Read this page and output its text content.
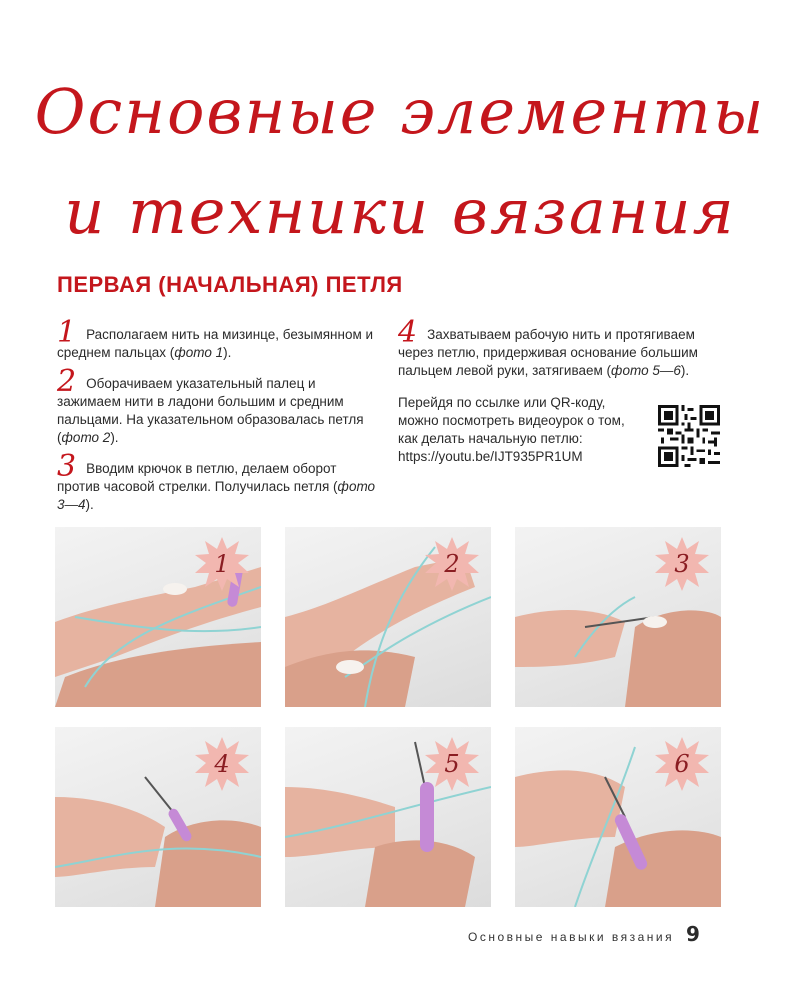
Основные элементы
и техники вязания
ПЕРВАЯ (НАЧАЛЬНАЯ) ПЕТЛЯ
1 Располагаем нить на мизинце, безымянном и среднем пальцах (фото 1).
2 Оборачиваем указательный палец и зажимаем нити в ладони большим и средним пальцами. На указательном образовалась петля (фото 2).
3 Вводим крючок в петлю, делаем оборот против часовой стрелки. Получилась петля (фото 3—4).
4 Захватываем рабочую нить и протягиваем через петлю, придерживая основание большим пальцем левой руки, затягиваем (фото 5—6).
Перейдя по ссылке или QR-коду, можно посмотреть видеоурок о том, как делать начальную петлю:
https://youtu.be/IJT935PR1UM
1	2	3
4	5	6
Основные навыки вязания 9
